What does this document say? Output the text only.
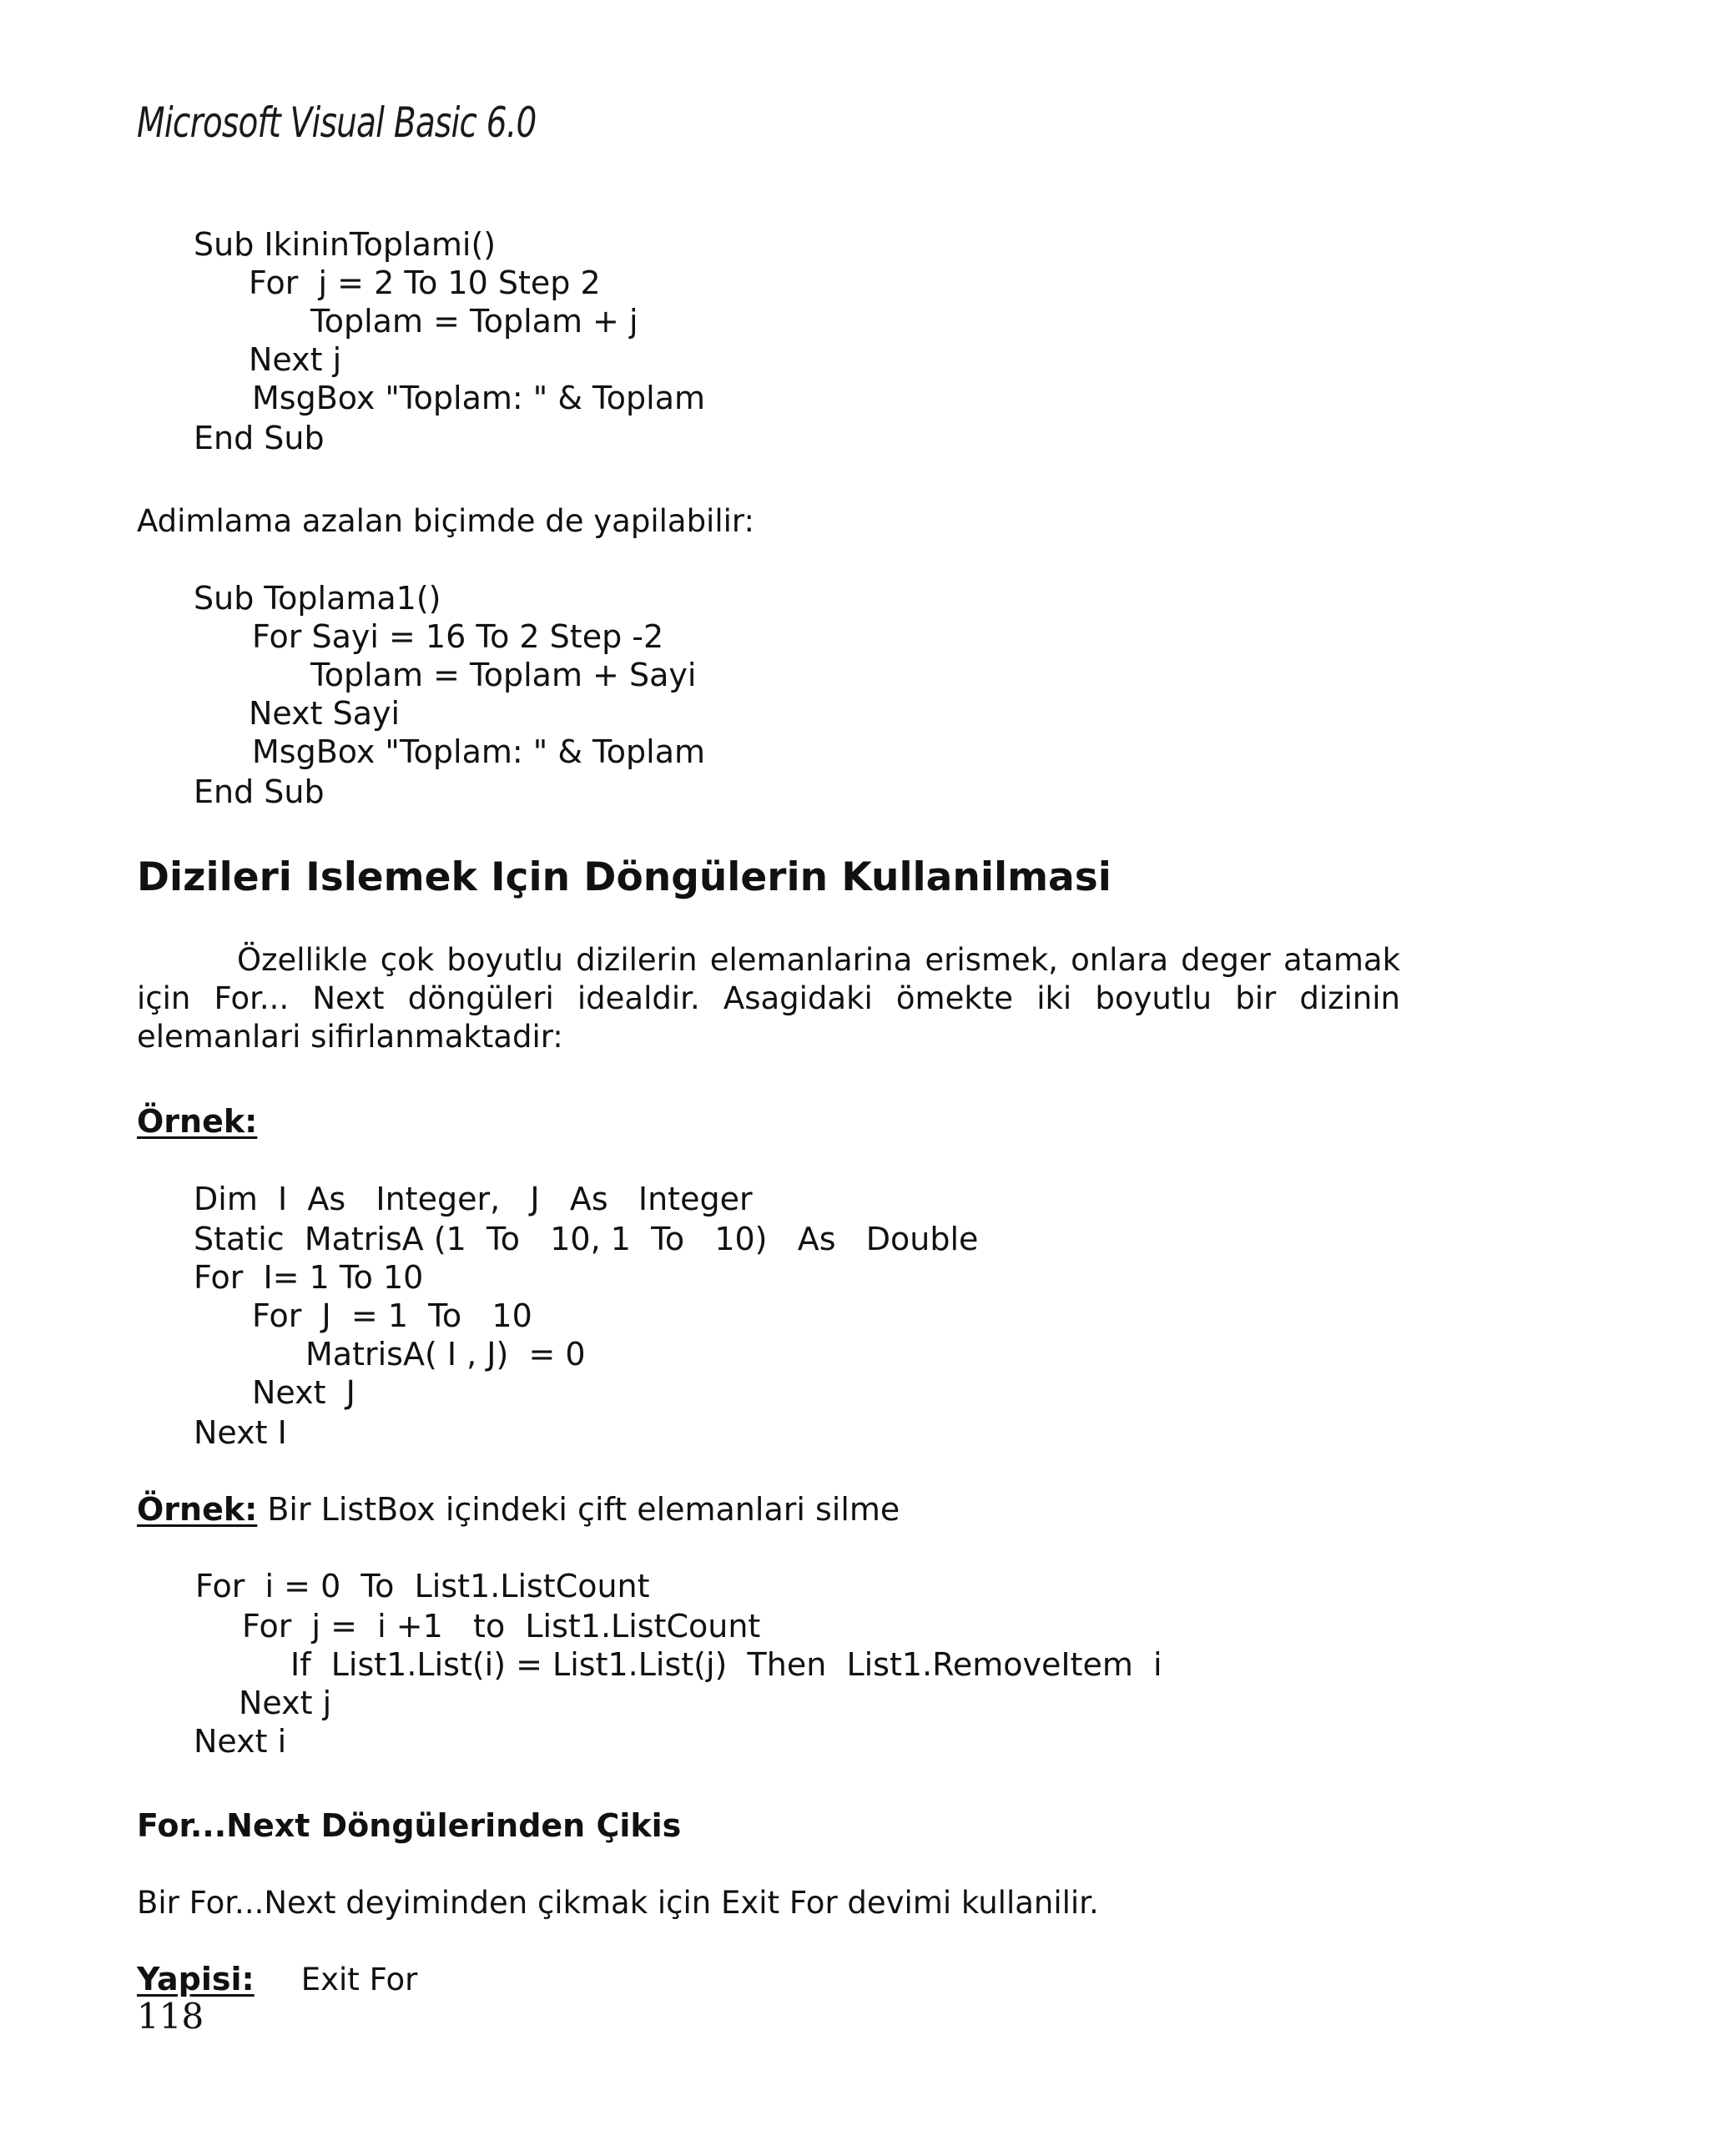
Microsoft Visual Basic 6.0
Sub IkininToplami()
For  j = 2 To 10 Step 2
Toplam = Toplam + j
Next j
MsgBox "Toplam: " & Toplam
End Sub
Adimlama azalan biçimde de yapilabilir:
Sub Toplama1()
For Sayi = 16 To 2 Step -2
Toplam = Toplam + Sayi
Next Sayi
MsgBox "Toplam: " & Toplam
End Sub
Dizileri Islemek Için Döngülerin Kullanilmasi
Özellikle çok boyutlu dizilerin elemanlarina erismek, onlara deger atamak için For... Next döngüleri idealdir. Asagidaki ömekte iki boyutlu bir dizinin elemanlari sifirlanmaktadir:
Örnek:
Dim  I  As   Integer,   J   As   Integer
Static  MatrisA (1  To   10, 1  To   10)   As   Double
For  I= 1 To 10
For  J  = 1  To   10
MatrisA( I , J)  = 0
Next  J
Next I
Örnek: Bir ListBox içindeki çift elemanlari silme
For  i = 0  To  List1.ListCount
For  j =  i +1   to  List1.ListCount
If  List1.List(i) = List1.List(j)  Then  List1.RemoveItem  i
Next j
Next i
For...Next Döngülerinden Çikis
Bir For...Next deyiminden çikmak için Exit For devimi kullanilir.
Yapisi: Exit For
118
